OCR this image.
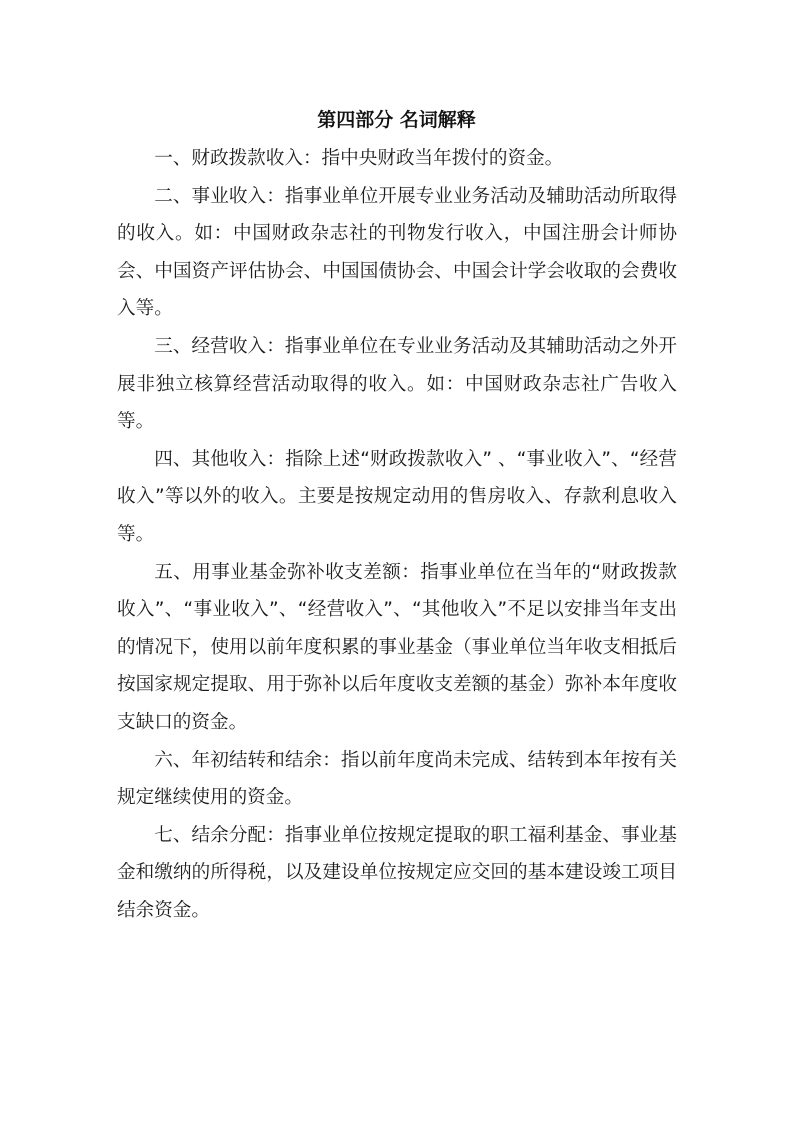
第四部分 名词解释

一、财政拨款收入：指中央财政当年拨付的资金。

二、事业收入：指事业单位开展专业业务活动及辅助活动所取得的收入。如：中国财政杂志社的刊物发行收入，中国注册会计师协会、中国资产评估协会、中国国债协会、中国会计学会收取的会费收入等。

三、经营收入：指事业单位在专业业务活动及其辅助活动之外开展非独立核算经营活动取得的收入。如：中国财政杂志社广告收入等。

四、其他收入：指除上述“财政拨款收入” 、“事业收入”、“经营收入”等以外的收入。主要是按规定动用的售房收入、存款利息收入等。

五、用事业基金弥补收支差额：指事业单位在当年的“财政拨款收入”、“事业收入”、“经营收入”、“其他收入”不足以安排当年支出的情况下，使用以前年度积累的事业基金（事业单位当年收支相抵后按国家规定提取、用于弥补以后年度收支差额的基金）弥补本年度收支缺口的资金。

六、年初结转和结余：指以前年度尚未完成、结转到本年按有关规定继续使用的资金。

七、结余分配：指事业单位按规定提取的职工福利基金、事业基金和缴纳的所得税，以及建设单位按规定应交回的基本建设竣工项目结余资金。
